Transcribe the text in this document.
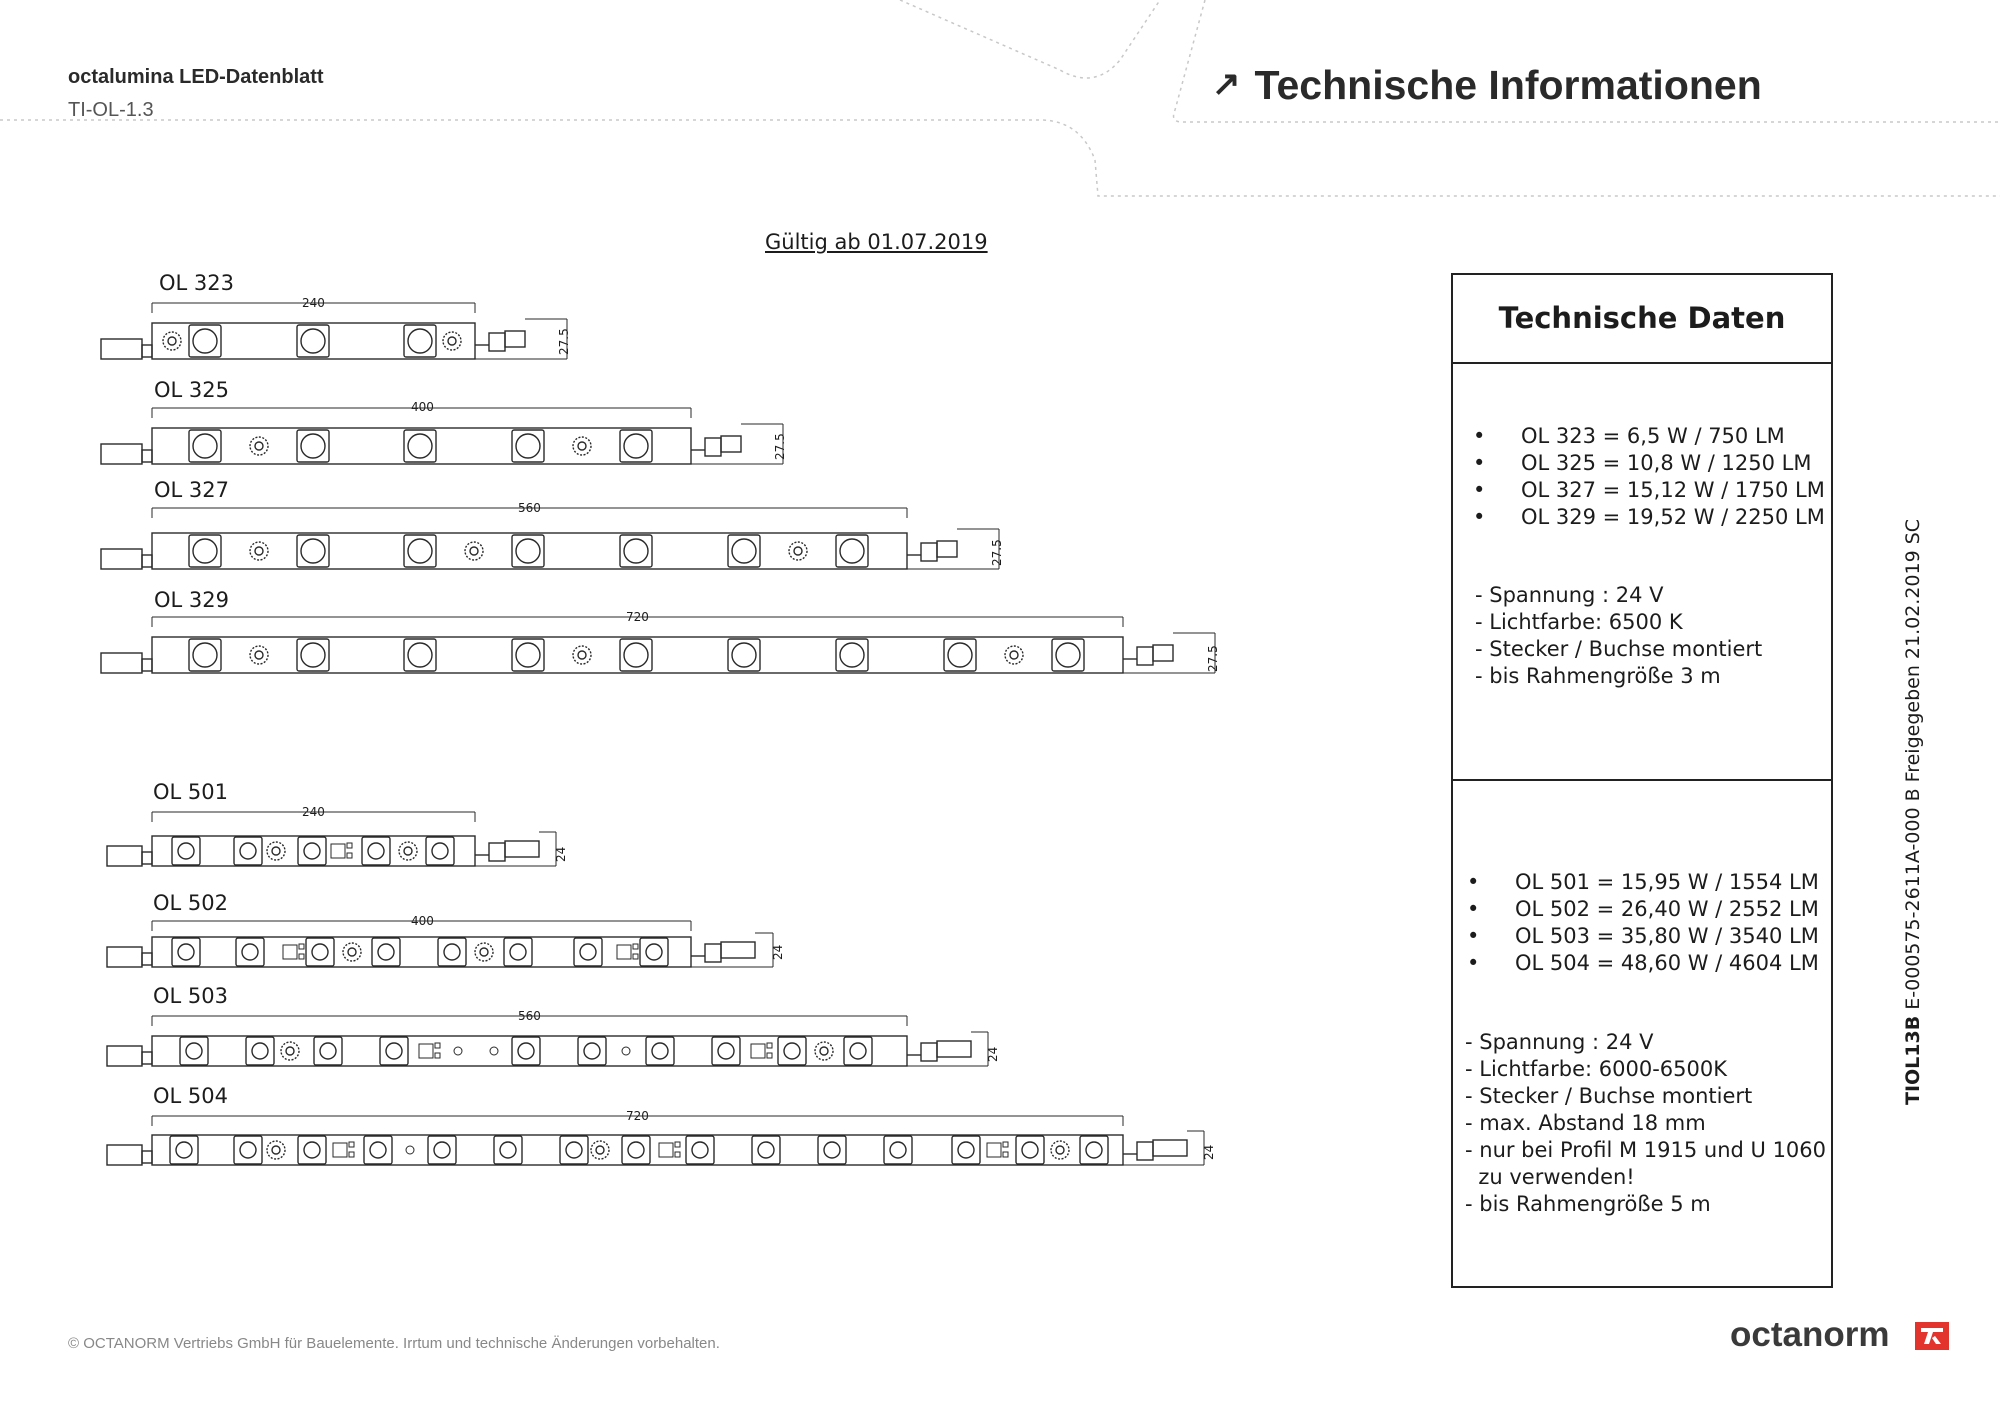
octalumina LED-Datenblatt
TI-OL-1.3
↗ Technische Informationen
Gültig ab 01.07.2019
OL 323
OL 325
OL 327
OL 329
OL 501
OL 502
OL 503
OL 504
240
400
560
720
240
400
560
720
27.5
27.5
27.5
27.5
24
24
24
24
Technische Daten
• OL 323 = 6,5 W / 750 LM
• OL 325 = 10,8 W / 1250 LM
• OL 327 = 15,12 W / 1750 LM
• OL 329 = 19,52 W / 2250 LM
- Spannung : 24 V
- Lichtfarbe: 6500 K
- Stecker / Buchse montiert
- bis Rahmengröße 3 m
• OL 501 = 15,95 W / 1554 LM
• OL 502 = 26,40 W / 2552 LM
• OL 503 = 35,80 W / 3540 LM
• OL 504 = 48,60 W / 4604 LM
- Spannung : 24 V
- Lichtfarbe: 6000-6500K
- Stecker / Buchse montiert
- max. Abstand 18 mm
- nur bei Profil M 1915 und U 1060
zu verwenden!
- bis Rahmengröße 5 m
TIOL13B E-000575-2611A-000 B Freigegeben 21.02.2019 SC
© OCTANORM Vertriebs GmbH für Bauelemente. Irrtum und technische Änderungen vorbehalten.	octanorm
